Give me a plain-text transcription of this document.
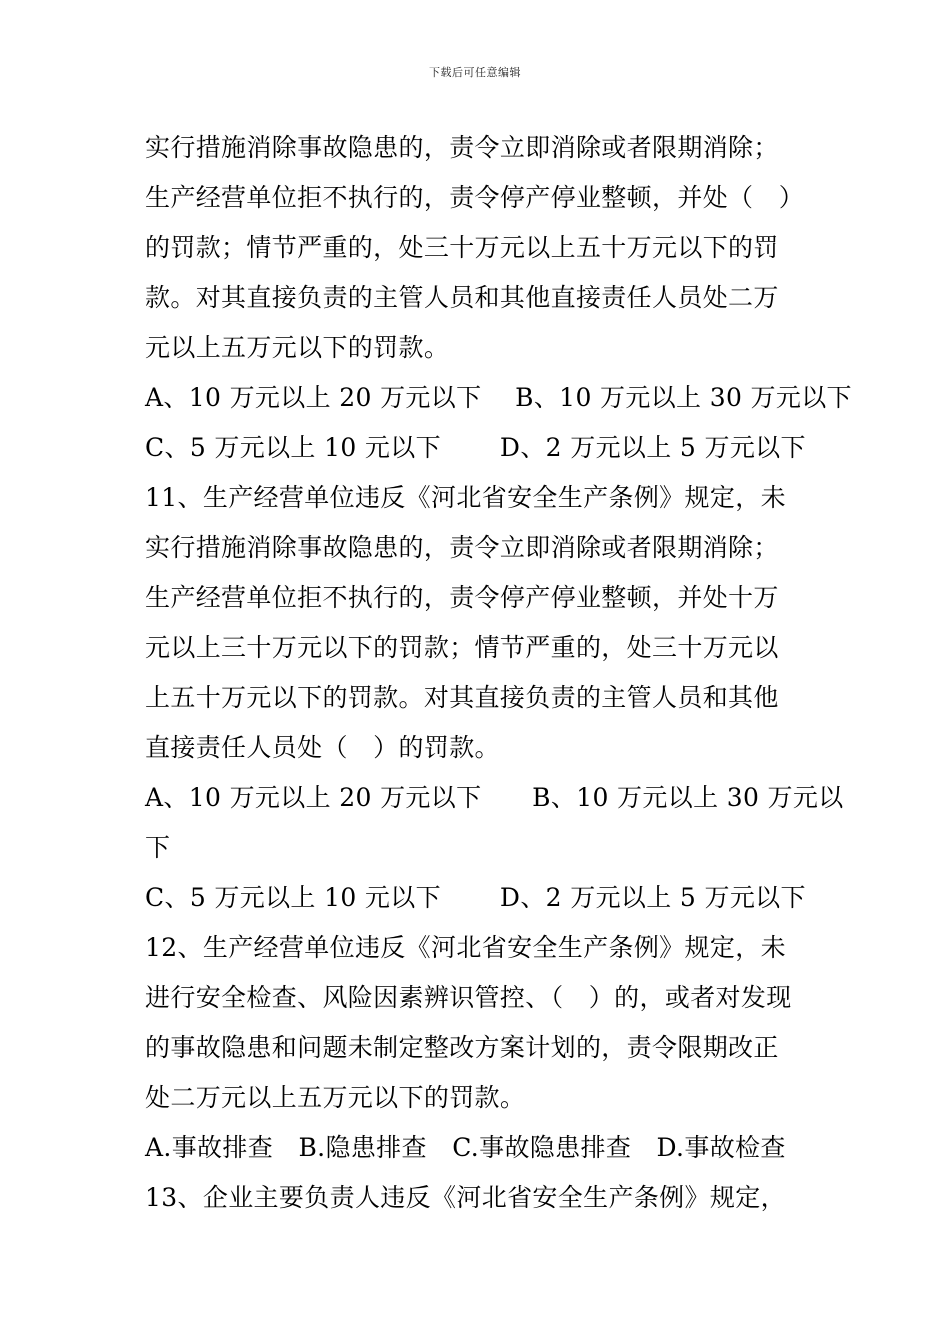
下载后可任意编辑
实行措施消除事故隐患的，责令立即消除或者限期消除；
生产经营单位拒不执行的，责令停产停业整顿，并处（　）
的罚款；情节严重的，处三十万元以上五十万元以下的罚
款。对其直接负责的主管人员和其他直接责任人员处二万
元以上五万元以下的罚款。
A、10 万元以上 20 万元以下　 B、10 万元以上 30 万元以下
C、5 万元以上 10 元以下　　 D、2 万元以上 5 万元以下
11、生产经营单位违反《河北省安全生产条例》规定，未
实行措施消除事故隐患的，责令立即消除或者限期消除；
生产经营单位拒不执行的，责令停产停业整顿，并处十万
元以上三十万元以下的罚款；情节严重的，处三十万元以
上五十万元以下的罚款。对其直接负责的主管人员和其他
直接责任人员处（　）的罚款。
A、10 万元以上 20 万元以下　　B、10 万元以上 30 万元以
下
C、5 万元以上 10 元以下　　 D、2 万元以上 5 万元以下
12、生产经营单位违反《河北省安全生产条例》规定，未
进行安全检查、风险因素辨识管控、（　）的，或者对发现
的事故隐患和问题未制定整改方案计划的，责令限期改正
处二万元以上五万元以下的罚款。
A.事故排查　B.隐患排查　C.事故隐患排查　D.事故检查
13、企业主要负责人违反《河北省安全生产条例》规定，
